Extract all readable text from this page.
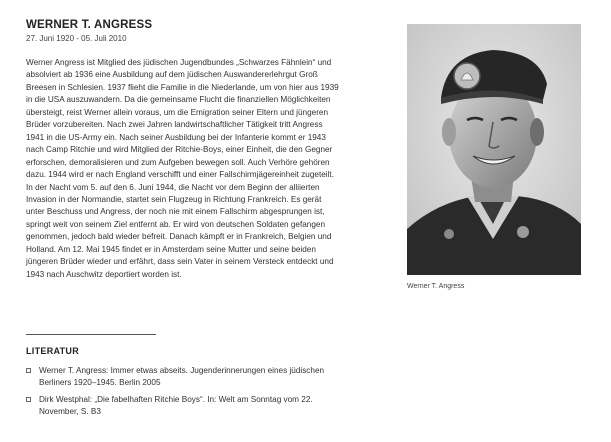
WERNER T. ANGRESS
27. Juni 1920 - 05. Juli 2010

Werner Angress ist Mitglied des jüdischen Jugendbundes „Schwarzes Fähnlein“ und absolviert ab 1936 eine Ausbildung auf dem jüdischen Auswandererlehrgut Groß Breesen in Schlesien. 1937 flieht die Familie in die Niederlande, um von hier aus 1939 in die USA auszuwandern. Da die gemeinsame Flucht die finanziellen Möglichkeiten übersteigt, reist Werner allein voraus, um die Emigration seiner Eltern und jüngeren Brüder vorzubereiten. Nach zwei Jahren landwirtschaftlicher Tätigkeit tritt Angress 1941 in die US-Army ein. Nach seiner Ausbildung bei der Infanterie kommt er 1943 nach Camp Ritchie und wird Mitglied der Ritchie-Boys, einer Einheit, die den Gegner erforschen, demoralisieren und zum Aufgeben bewegen soll. Auch Verhöre gehören dazu. 1944 wird er nach England verschifft und einer Fallschirmjägereinheit zugeteilt. In der Nacht vom 5. auf den 6. Juni 1944, die Nacht vor dem Beginn der alliierten Invasion in der Normandie, startet sein Flugzeug in Richtung Frankreich. Es gerät unter Beschuss und Angress, der noch nie mit einem Fallschirm abgesprungen ist, springt weit von seinem Ziel entfernt ab. Er wird von deutschen Soldaten gefangen genommen, jedoch bald wieder befreit. Danach kämpft er in Frankreich, Belgien und Holland. Am 12. Mai 1945 findet er in Amsterdam seine Mutter und seine beiden jüngeren Brüder wieder und erfährt, dass sein Vater in seinem Versteck entdeckt und 1943 nach Auschwitz deportiert worden ist.

Werner T. Angress
LITERATUR
Werner T. Angress: Immer etwas abseits. Jugenderinnerungen eines jüdischen Berliners 1920–1945. Berlin 2005
Dirk Westphal: „Die fabelhaften Ritchie Boys“. In: Welt am Sonntag vom 22. November, S. B3
